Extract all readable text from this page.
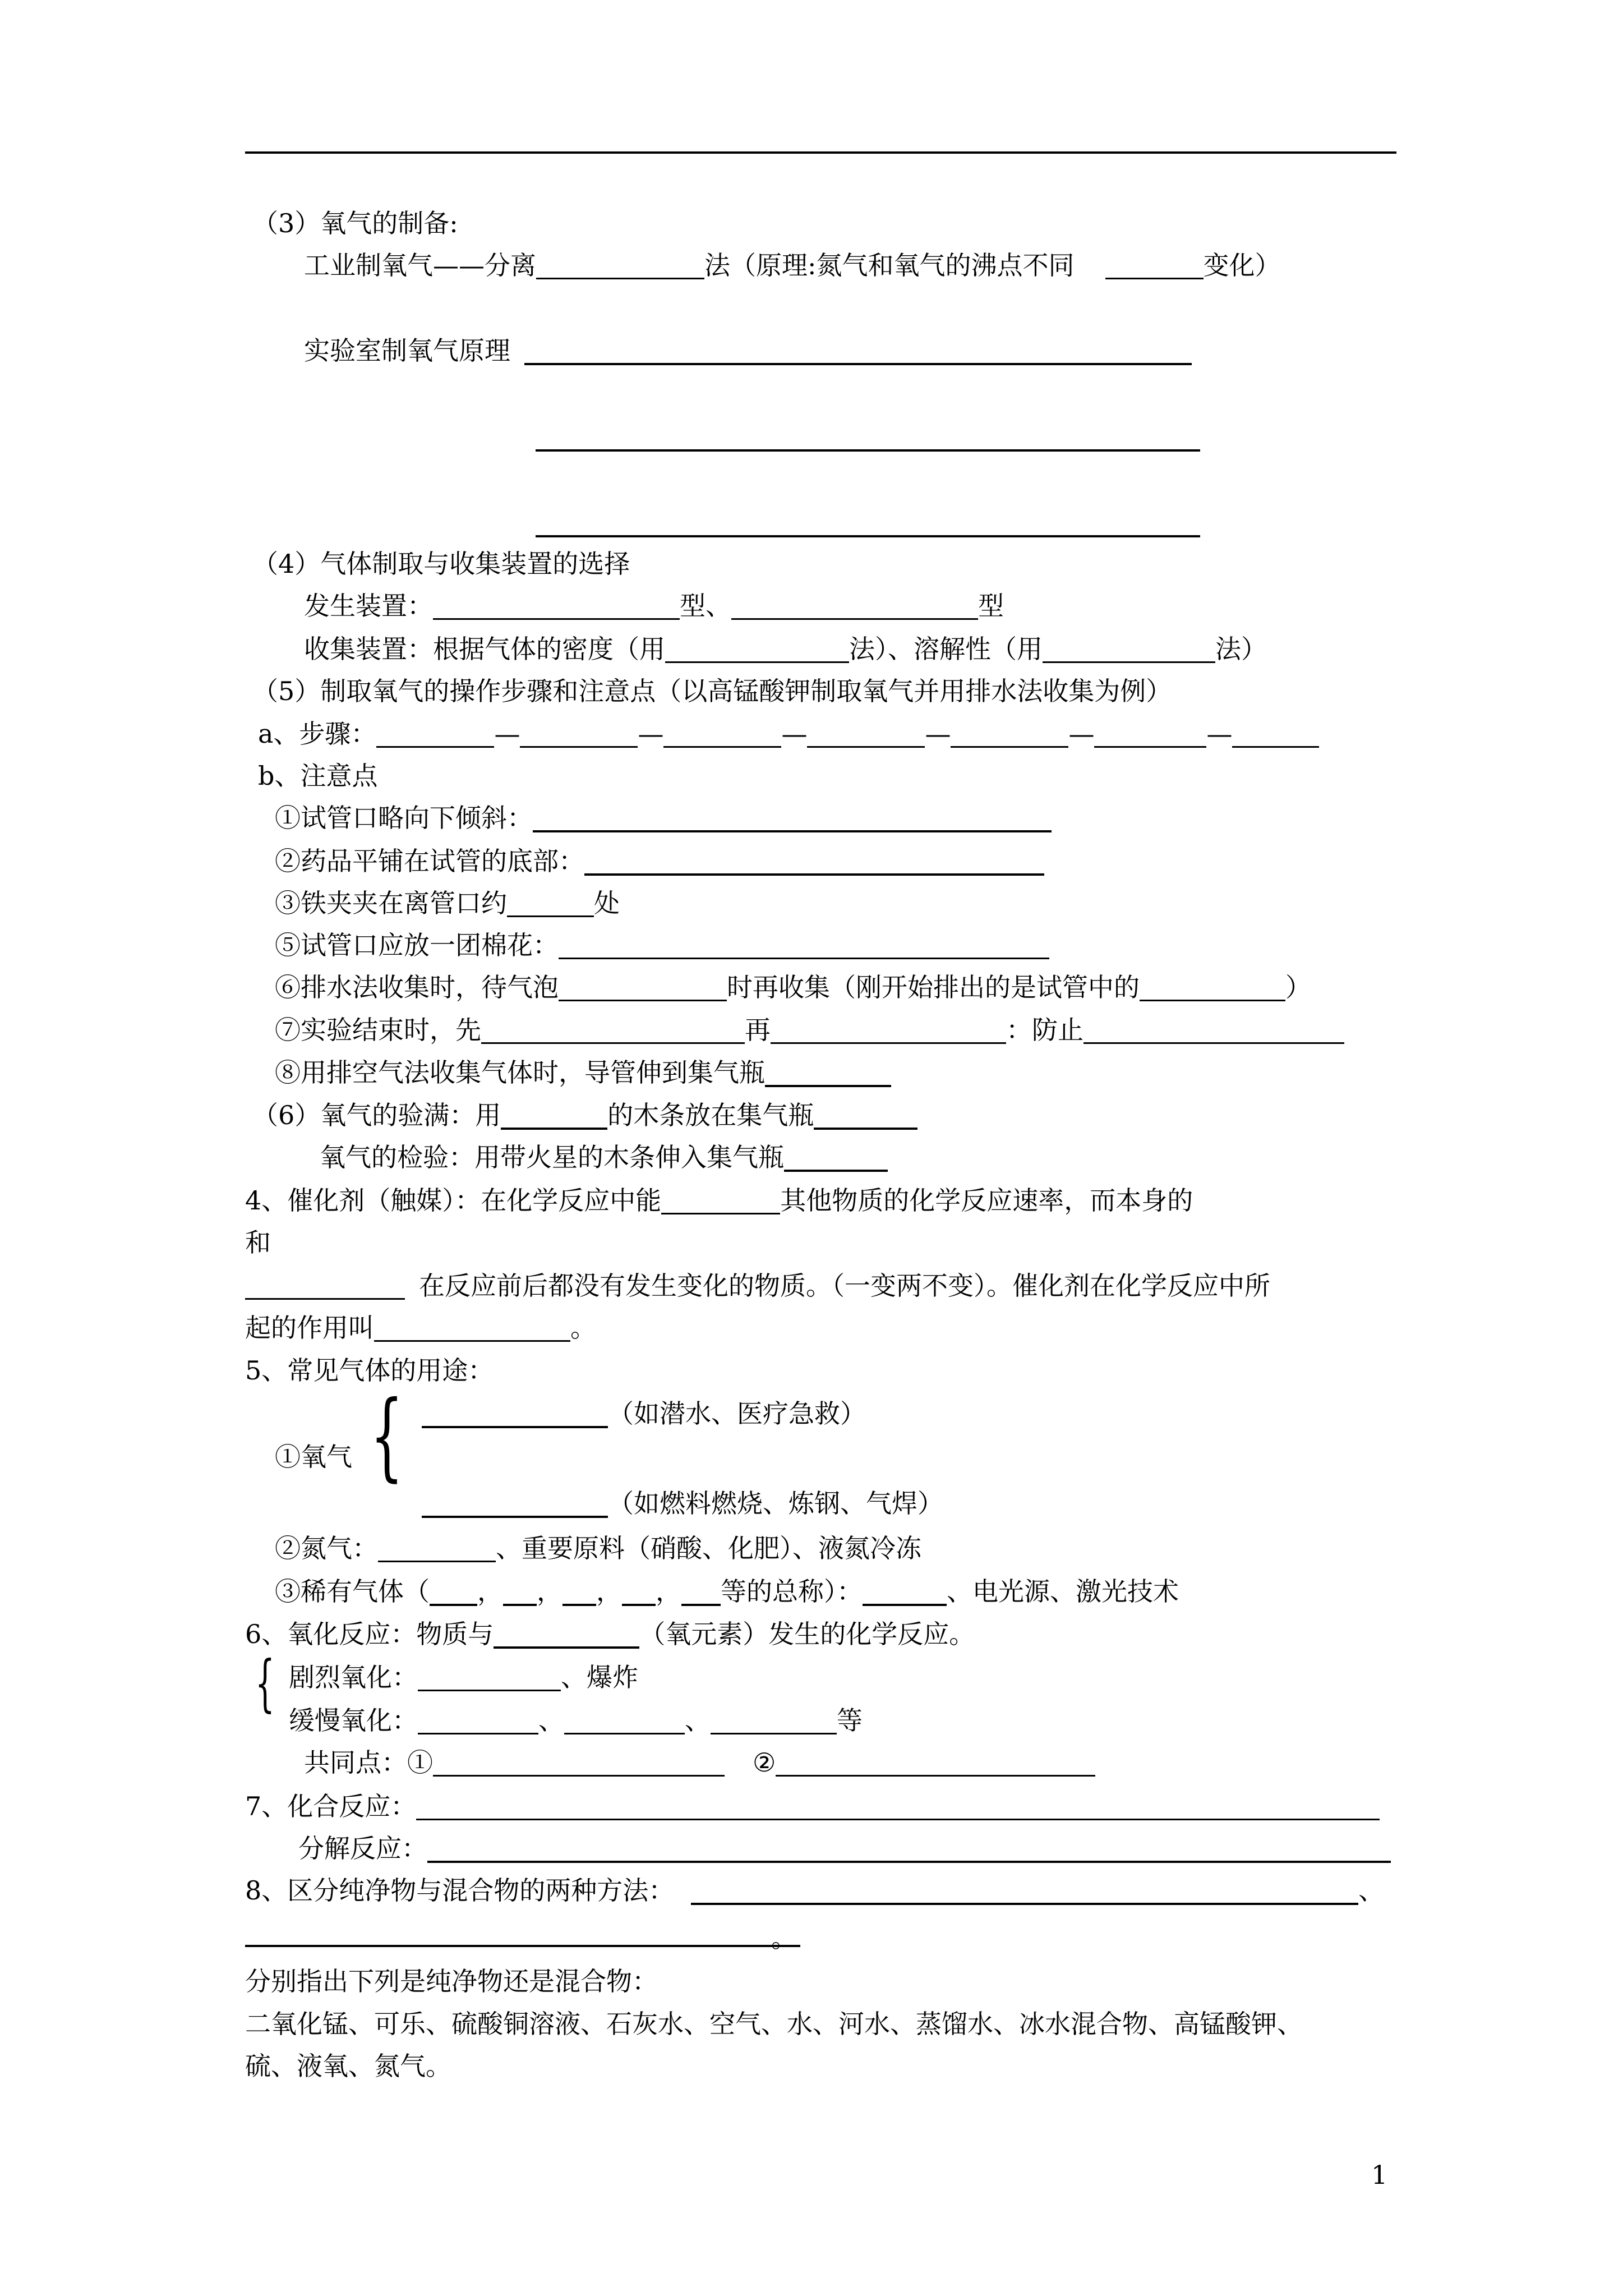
（3）氧气的制备:
工业制氧气——分离	法（原理:氮气和氧气的沸点不同	变化）
实验室制氧气原理
（4）气体制取与收集装置的选择
发生装置：	型、	型
收集装置：根据气体的密度（用	法）、溶解性（用	法）
（5）制取氧气的操作步骤和注意点（以高锰酸钾制取氧气并用排水法收集为例）
a、步骤：	—	—	—	—	—	—
b、注意点
①试管口略向下倾斜：
②药品平铺在试管的底部：
③铁夹夹在离管口约	处
⑤试管口应放一团棉花：
⑥排水法收集时，待气泡	时再收集（刚开始排出的是试管中的	）
⑦实验结束时，先	再	：防止
⑧用排空气法收集气体时，导管伸到集气瓶
（6）氧气的验满：用	的木条放在集气瓶
氧气的检验：用带火星的木条伸入集气瓶
4、催化剂（触媒）：在化学反应中能	其他物质的化学反应速率，而本身的
和
在反应前后都没有发生变化的物质。（一变两不变）。催化剂在化学反应中所
起的作用叫	。
5、常见气体的用途：
（如潜水、医疗急救）
①氧气 {
（如燃料燃烧、炼钢、气焊）
②氮气：	、重要原料（硝酸、化肥）、液氮冷冻
③稀有气体（ ， ， ， ， 等的总称）：	、电光源、激光技术
6、氧化反应：物质与	（氧元素）发生的化学反应。
{ 剧烈氧化：	、爆炸
缓慢氧化：	、	、	等
共同点：①	②
7、化合反应：
分解反应：
8、区分纯净物与混合物的两种方法：	、
。
分别指出下列是纯净物还是混合物：
二氧化锰、可乐、硫酸铜溶液、石灰水、空气、水、河水、蒸馏水、冰水混合物、高锰酸钾、
硫、液氧、氮气。
1
